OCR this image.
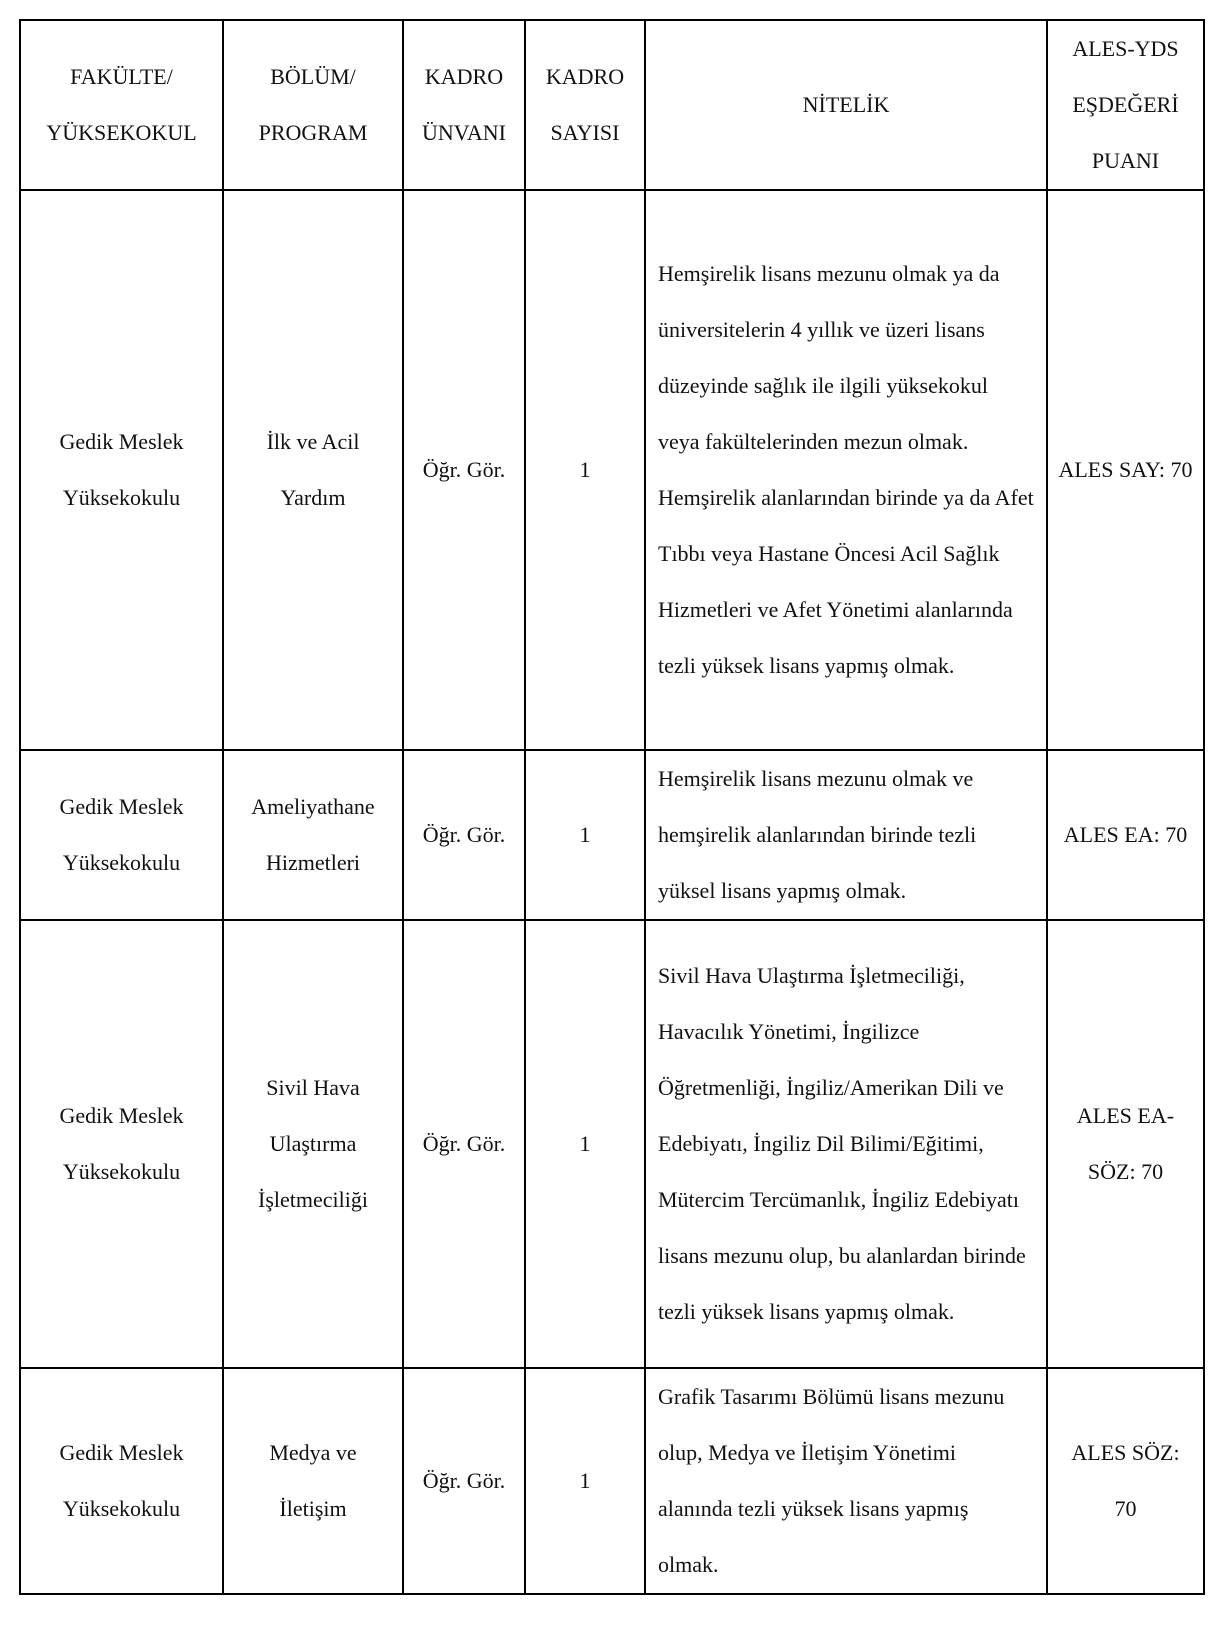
FAKÜLTE/ YÜKSEKOKUL	BÖLÜM/ PROGRAM	KADRO ÜNVANI	KADRO SAYISI	NİTELİK	ALES-YDS EŞDEĞERİ PUANI
Gedik Meslek Yüksekokulu	İlk ve Acil Yardım	Öğr. Gör.	1	Hemşirelik lisans mezunu olmak ya da üniversitelerin 4 yıllık ve üzeri lisans düzeyinde sağlık ile ilgili yüksekokul veya fakültelerinden mezun olmak. Hemşirelik alanlarından birinde ya da Afet Tıbbı veya Hastane Öncesi Acil Sağlık Hizmetleri ve Afet Yönetimi alanlarında tezli yüksek lisans yapmış olmak.	ALES SAY: 70
Gedik Meslek Yüksekokulu	Ameliyathane Hizmetleri	Öğr. Gör.	1	Hemşirelik lisans mezunu olmak ve hemşirelik alanlarından birinde tezli yüksel lisans yapmış olmak.	ALES EA: 70
Gedik Meslek Yüksekokulu	Sivil Hava Ulaştırma İşletmeciliği	Öğr. Gör.	1	Sivil Hava Ulaştırma İşletmeciliği, Havacılık Yönetimi, İngilizce Öğretmenliği, İngiliz/Amerikan Dili ve Edebiyatı, İngiliz Dil Bilimi/Eğitimi, Mütercim Tercümanlık, İngiliz Edebiyatı lisans mezunu olup, bu alanlardan birinde tezli yüksek lisans yapmış olmak.	ALES EA-SÖZ: 70
Gedik Meslek Yüksekokulu	Medya ve İletişim	Öğr. Gör.	1	Grafik Tasarımı Bölümü lisans mezunu olup, Medya ve İletişim Yönetimi alanında tezli yüksek lisans yapmış olmak.	ALES SÖZ: 70
